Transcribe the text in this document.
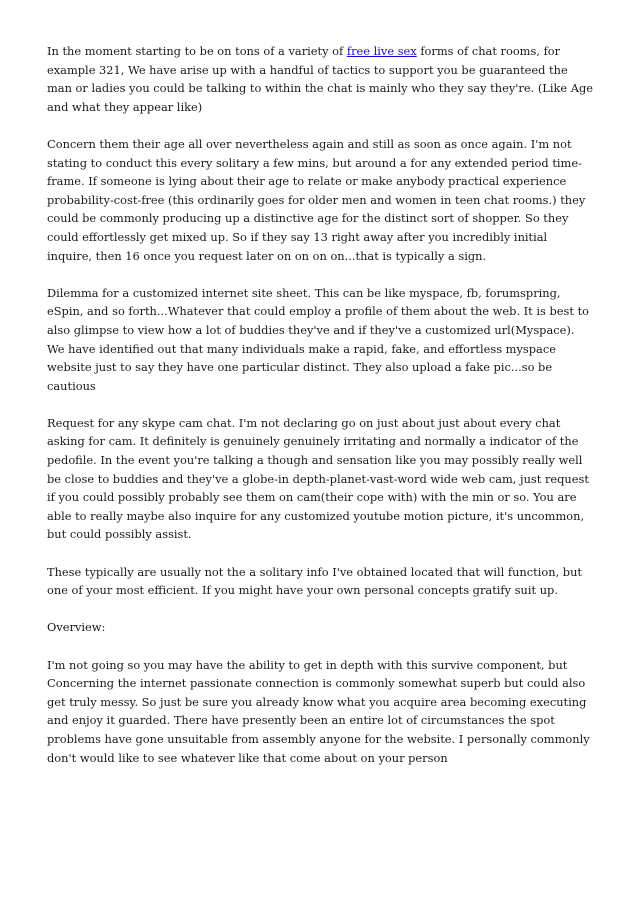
In the moment starting to be on tons of a variety of free live sex forms of chat rooms, for example 321, We have arise up with a handful of tactics to support you be guaranteed the man or ladies you could be talking to within the chat is mainly who they say they're. (Like Age and what they appear like)

Concern them their age all over nevertheless again and still as soon as once again. I'm not stating to conduct this every solitary a few mins, but around a for any extended period time-frame. If someone is lying about their age to relate or make anybody practical experience probability-cost-free (this ordinarily goes for older men and women in teen chat rooms.) they could be commonly producing up a distinctive age for the distinct sort of shopper. So they could effortlessly get mixed up. So if they say 13 right away after you incredibly initial inquire, then 16 once you request later on on on on...that is typically a sign.

Dilemma for a customized internet site sheet. This can be like myspace, fb, forumspring, eSpin, and so forth...Whatever that could employ a profile of them about the web. It is best to also glimpse to view how a lot of buddies they've and if they've a customized url(Myspace). We have identified out that many individuals make a rapid, fake, and effortless myspace website just to say they have one particular distinct. They also upload a fake pic...so be cautious

Request for any skype cam chat. I'm not declaring go on just about just about every chat asking for cam. It definitely is genuinely genuinely irritating and normally a indicator of the pedofile. In the event you're talking a though and sensation like you may possibly really well be close to buddies and they've a globe-in depth-planet-vast-word wide web cam, just request if you could possibly probably see them on cam(their cope with) with the min or so. You are able to really maybe also inquire for any customized youtube motion picture, it's uncommon, but could possibly assist.

These typically are usually not the a solitary info I've obtained located that will function, but one of your most efficient. If you might have your own personal concepts gratify suit up.

Overview:

I'm not going so you may have the ability to get in depth with this survive component, but Concerning the internet passionate connection is commonly somewhat superb but could also get truly messy. So just be sure you already know what you acquire area becoming executing and enjoy it guarded. There have presently been an entire lot of circumstances the spot problems have gone unsuitable from assembly anyone for the website. I personally commonly don't would like to see whatever like that come about on your person
